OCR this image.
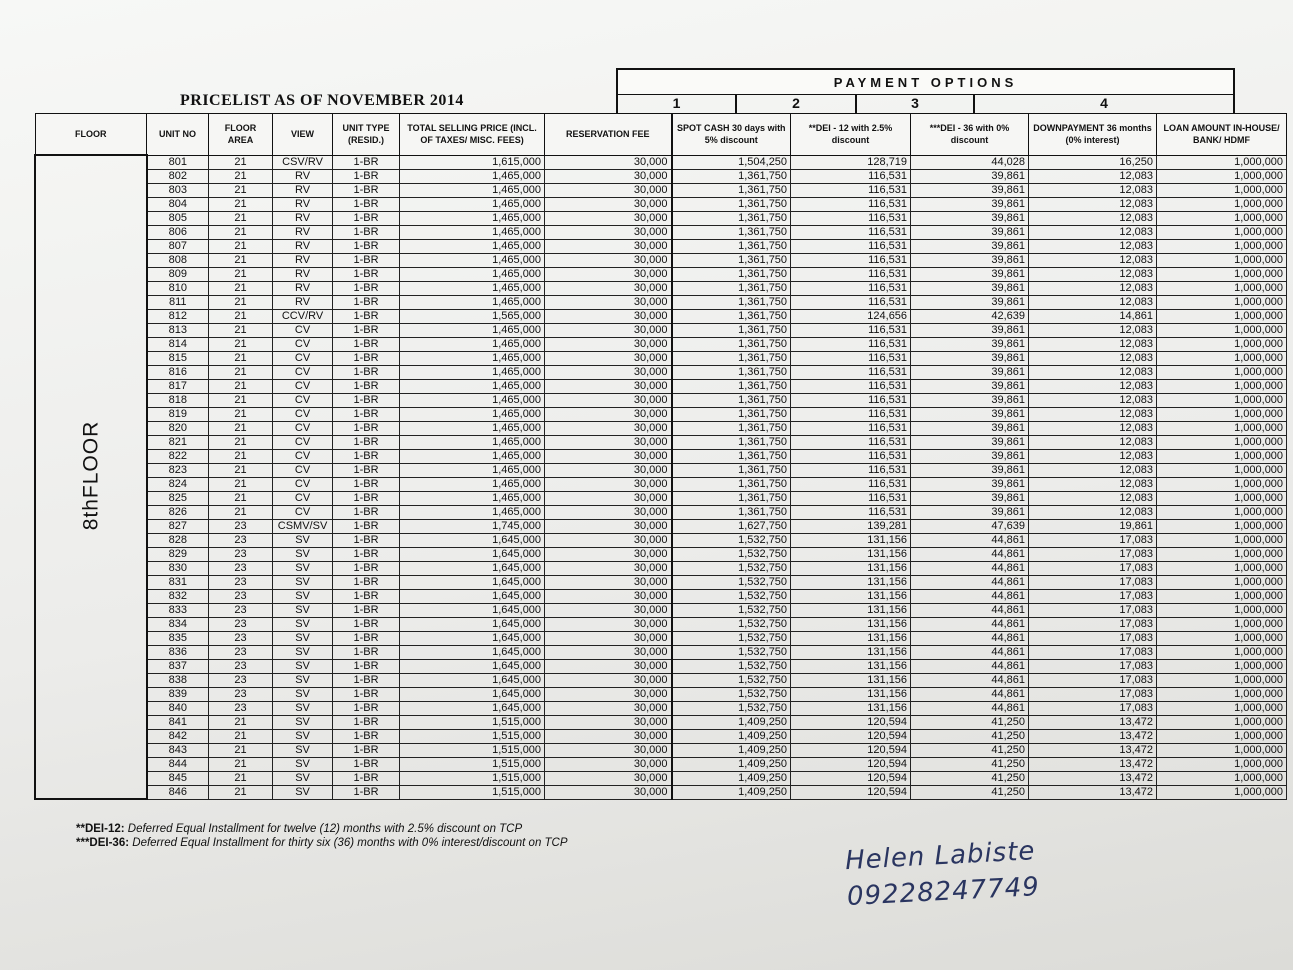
PRICELIST AS OF NOVEMBER 2014
PAYMENT OPTIONS
1	2	3	4
FLOOR	UNIT NO	FLOOR AREA	VIEW	UNIT TYPE (RESID.)	TOTAL SELLING PRICE (INCL. OF TAXES/ MISC. FEES)	RESERVATION FEE	SPOT CASH 30 days with 5% discount	**DEI - 12 with 2.5% discount	***DEI - 36 with 0% discount	DOWNPAYMENT 36 months (0% interest)	LOAN AMOUNT IN-HOUSE/ BANK/ HDMF
8thFLOOR	801	21	CSV/RV	1-BR	1,615,000	30,000	1,504,250	128,719	44,028	16,250	1,000,000
	802	21	RV	1-BR	1,465,000	30,000	1,361,750	116,531	39,861	12,083	1,000,000
	803	21	RV	1-BR	1,465,000	30,000	1,361,750	116,531	39,861	12,083	1,000,000
	804	21	RV	1-BR	1,465,000	30,000	1,361,750	116,531	39,861	12,083	1,000,000
	805	21	RV	1-BR	1,465,000	30,000	1,361,750	116,531	39,861	12,083	1,000,000
	806	21	RV	1-BR	1,465,000	30,000	1,361,750	116,531	39,861	12,083	1,000,000
	807	21	RV	1-BR	1,465,000	30,000	1,361,750	116,531	39,861	12,083	1,000,000
	808	21	RV	1-BR	1,465,000	30,000	1,361,750	116,531	39,861	12,083	1,000,000
	809	21	RV	1-BR	1,465,000	30,000	1,361,750	116,531	39,861	12,083	1,000,000
	810	21	RV	1-BR	1,465,000	30,000	1,361,750	116,531	39,861	12,083	1,000,000
	811	21	RV	1-BR	1,465,000	30,000	1,361,750	116,531	39,861	12,083	1,000,000
	812	21	CCV/RV	1-BR	1,565,000	30,000	1,361,750	124,656	42,639	14,861	1,000,000
	813	21	CV	1-BR	1,465,000	30,000	1,361,750	116,531	39,861	12,083	1,000,000
	814	21	CV	1-BR	1,465,000	30,000	1,361,750	116,531	39,861	12,083	1,000,000
	815	21	CV	1-BR	1,465,000	30,000	1,361,750	116,531	39,861	12,083	1,000,000
	816	21	CV	1-BR	1,465,000	30,000	1,361,750	116,531	39,861	12,083	1,000,000
	817	21	CV	1-BR	1,465,000	30,000	1,361,750	116,531	39,861	12,083	1,000,000
	818	21	CV	1-BR	1,465,000	30,000	1,361,750	116,531	39,861	12,083	1,000,000
	819	21	CV	1-BR	1,465,000	30,000	1,361,750	116,531	39,861	12,083	1,000,000
	820	21	CV	1-BR	1,465,000	30,000	1,361,750	116,531	39,861	12,083	1,000,000
	821	21	CV	1-BR	1,465,000	30,000	1,361,750	116,531	39,861	12,083	1,000,000
	822	21	CV	1-BR	1,465,000	30,000	1,361,750	116,531	39,861	12,083	1,000,000
	823	21	CV	1-BR	1,465,000	30,000	1,361,750	116,531	39,861	12,083	1,000,000
	824	21	CV	1-BR	1,465,000	30,000	1,361,750	116,531	39,861	12,083	1,000,000
	825	21	CV	1-BR	1,465,000	30,000	1,361,750	116,531	39,861	12,083	1,000,000
	826	21	CV	1-BR	1,465,000	30,000	1,361,750	116,531	39,861	12,083	1,000,000
	827	23	CSMV/SV	1-BR	1,745,000	30,000	1,627,750	139,281	47,639	19,861	1,000,000
	828	23	SV	1-BR	1,645,000	30,000	1,532,750	131,156	44,861	17,083	1,000,000
	829	23	SV	1-BR	1,645,000	30,000	1,532,750	131,156	44,861	17,083	1,000,000
	830	23	SV	1-BR	1,645,000	30,000	1,532,750	131,156	44,861	17,083	1,000,000
	831	23	SV	1-BR	1,645,000	30,000	1,532,750	131,156	44,861	17,083	1,000,000
	832	23	SV	1-BR	1,645,000	30,000	1,532,750	131,156	44,861	17,083	1,000,000
	833	23	SV	1-BR	1,645,000	30,000	1,532,750	131,156	44,861	17,083	1,000,000
	834	23	SV	1-BR	1,645,000	30,000	1,532,750	131,156	44,861	17,083	1,000,000
	835	23	SV	1-BR	1,645,000	30,000	1,532,750	131,156	44,861	17,083	1,000,000
	836	23	SV	1-BR	1,645,000	30,000	1,532,750	131,156	44,861	17,083	1,000,000
	837	23	SV	1-BR	1,645,000	30,000	1,532,750	131,156	44,861	17,083	1,000,000
	838	23	SV	1-BR	1,645,000	30,000	1,532,750	131,156	44,861	17,083	1,000,000
	839	23	SV	1-BR	1,645,000	30,000	1,532,750	131,156	44,861	17,083	1,000,000
	840	23	SV	1-BR	1,645,000	30,000	1,532,750	131,156	44,861	17,083	1,000,000
	841	21	SV	1-BR	1,515,000	30,000	1,409,250	120,594	41,250	13,472	1,000,000
	842	21	SV	1-BR	1,515,000	30,000	1,409,250	120,594	41,250	13,472	1,000,000
	843	21	SV	1-BR	1,515,000	30,000	1,409,250	120,594	41,250	13,472	1,000,000
	844	21	SV	1-BR	1,515,000	30,000	1,409,250	120,594	41,250	13,472	1,000,000
	845	21	SV	1-BR	1,515,000	30,000	1,409,250	120,594	41,250	13,472	1,000,000
	846	21	SV	1-BR	1,515,000	30,000	1,409,250	120,594	41,250	13,472	1,000,000
**DEI-12: Deferred Equal Installment for twelve (12) months with 2.5% discount on TCP
***DEI-36: Deferred Equal Installment for thirty six (36) months with 0% interest/discount on TCP	Helen Labiste
09228247749
